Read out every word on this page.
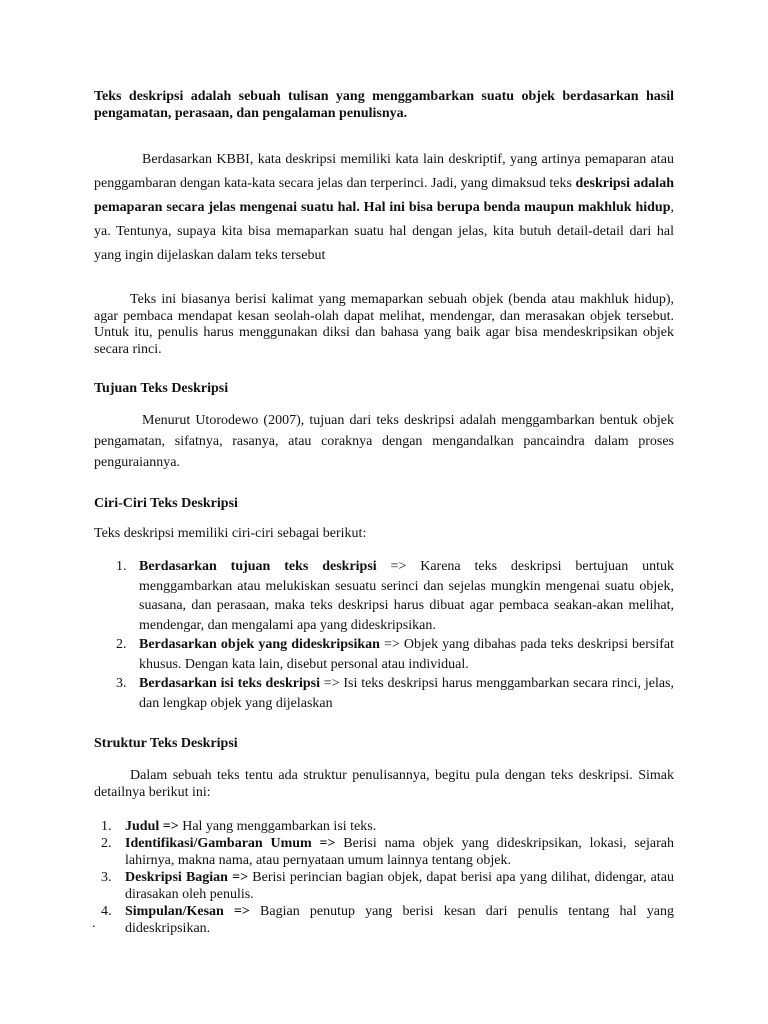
Teks deskripsi adalah sebuah tulisan yang menggambarkan suatu objek berdasarkan hasil pengamatan, perasaan, dan pengalaman penulisnya.

Berdasarkan KBBI, kata deskripsi memiliki kata lain deskriptif, yang artinya pemaparan atau penggambaran dengan kata-kata secara jelas dan terperinci. Jadi, yang dimaksud teks deskripsi adalah pemaparan secara jelas mengenai suatu hal. Hal ini bisa berupa benda maupun makhluk hidup, ya. Tentunya, supaya kita bisa memaparkan suatu hal dengan jelas, kita butuh detail-detail dari hal yang ingin dijelaskan dalam teks tersebut

Teks ini biasanya berisi kalimat yang memaparkan sebuah objek (benda atau makhluk hidup), agar pembaca mendapat kesan seolah-olah dapat melihat, mendengar, dan merasakan objek tersebut. Untuk itu, penulis harus menggunakan diksi dan bahasa yang baik agar bisa mendeskripsikan objek secara rinci.

Tujuan Teks Deskripsi

Menurut Utorodewo (2007), tujuan dari teks deskripsi adalah menggambarkan bentuk objek pengamatan, sifatnya, rasanya, atau coraknya dengan mengandalkan pancaindra dalam proses penguraiannya.

Ciri-Ciri Teks Deskripsi

Teks deskripsi memiliki ciri-ciri sebagai berikut:

1. Berdasarkan tujuan teks deskripsi => Karena teks deskripsi bertujuan untuk menggambarkan atau melukiskan sesuatu serinci dan sejelas mungkin mengenai suatu objek, suasana, dan perasaan, maka teks deskripsi harus dibuat agar pembaca seakan-akan melihat, mendengar, dan mengalami apa yang dideskripsikan.
2. Berdasarkan objek yang dideskripsikan => Objek yang dibahas pada teks deskripsi bersifat khusus. Dengan kata lain, disebut personal atau individual.
3. Berdasarkan isi teks deskripsi => Isi teks deskripsi harus menggambarkan secara rinci, jelas, dan lengkap objek yang dijelaskan

Struktur Teks Deskripsi

Dalam sebuah teks tentu ada struktur penulisannya, begitu pula dengan teks deskripsi. Simak detailnya berikut ini:

1. Judul => Hal yang menggambarkan isi teks.
2. Identifikasi/Gambaran Umum => Berisi nama objek yang dideskripsikan, lokasi, sejarah lahirnya, makna nama, atau pernyataan umum lainnya tentang objek.
3. Deskripsi Bagian => Berisi perincian bagian objek, dapat berisi apa yang dilihat, didengar, atau dirasakan oleh penulis.
4. Simpulan/Kesan => Bagian penutup yang berisi kesan dari penulis tentang hal yang dideskripsikan.
.
